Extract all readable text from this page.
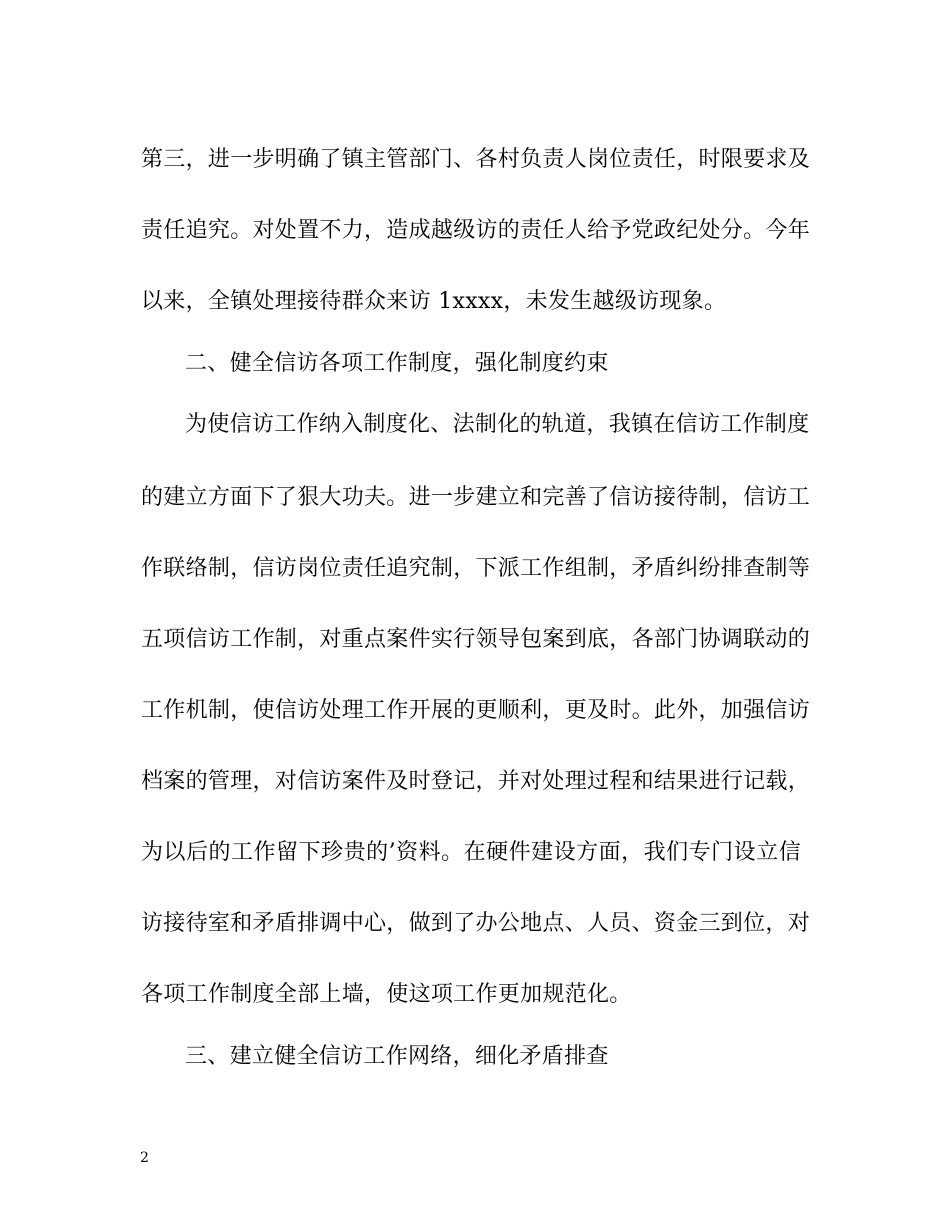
第三，进一步明确了镇主管部门、各村负责人岗位责任，时限要求及
责任追究。对处置不力，造成越级访的责任人给予党政纪处分。今年
以来，全镇处理接待群众来访 1xxxx，未发生越级访现象。
二、健全信访各项工作制度，强化制度约束
为使信访工作纳入制度化、法制化的轨道，我镇在信访工作制度
的建立方面下了狠大功夫。进一步建立和完善了信访接待制，信访工
作联络制，信访岗位责任追究制，下派工作组制，矛盾纠纷排查制等
五项信访工作制，对重点案件实行领导包案到底，各部门协调联动的
工作机制，使信访处理工作开展的更顺利，更及时。此外，加强信访
档案的管理，对信访案件及时登记，并对处理过程和结果进行记载，
为以后的工作留下珍贵的’资料。在硬件建设方面，我们专门设立信
访接待室和矛盾排调中心，做到了办公地点、人员、资金三到位，对
各项工作制度全部上墙，使这项工作更加规范化。
三、建立健全信访工作网络，细化矛盾排查
2
